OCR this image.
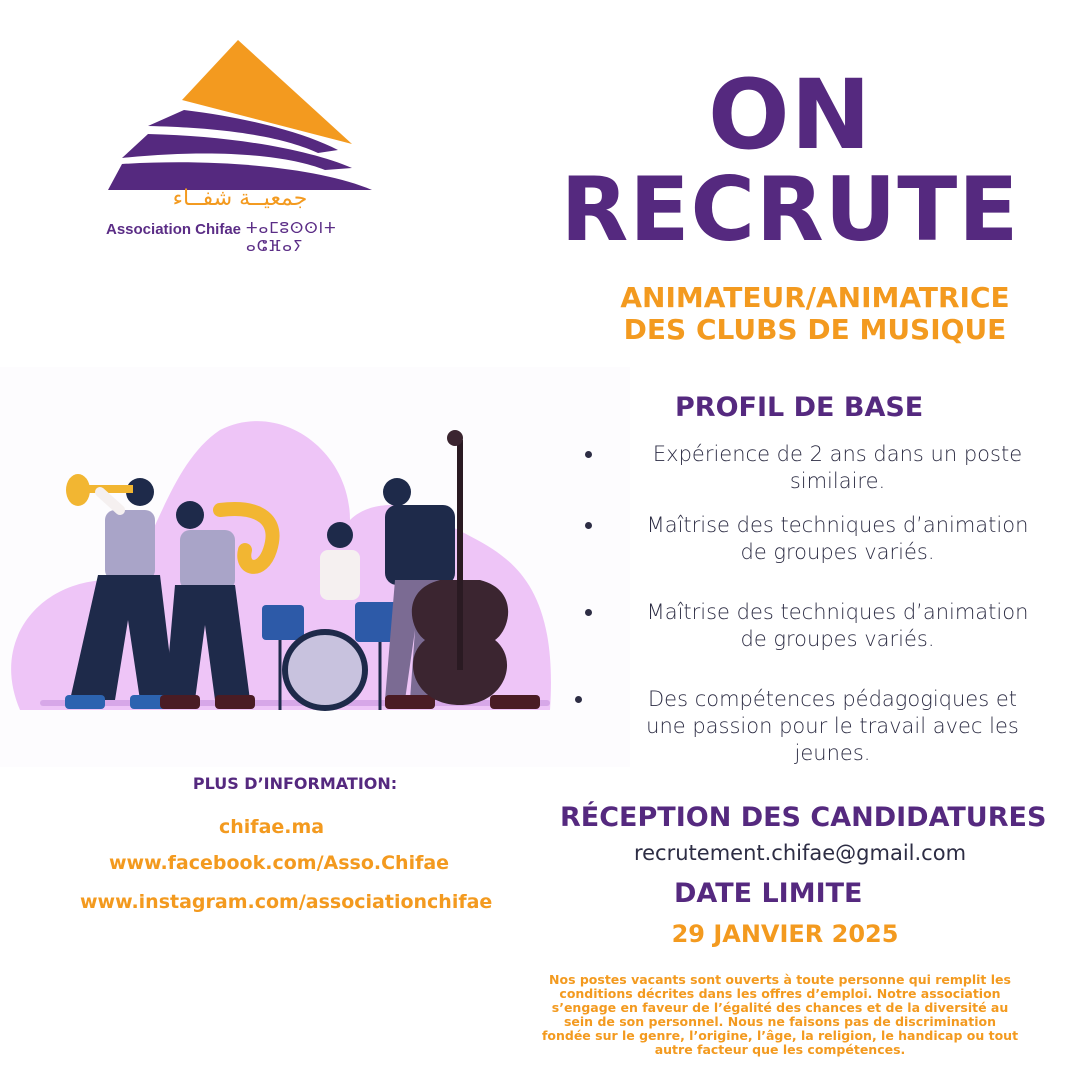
جمعيــة شفــاء
Association Chifae ⵜⴰⵎⵓⵙⵙⵏⵜ ⴰⵛⴼⴰⵢ
ON
RECRUTE
ANIMATEUR/ANIMATRICE
DES CLUBS DE MUSIQUE
PROFIL DE BASE
Expérience de 2 ans dans un poste
similaire.
Maîtrise des techniques d’animation
de groupes variés.
Maîtrise des techniques d’animation
de groupes variés.
Des compétences pédagogiques et
une passion pour le travail avec les
jeunes.
RÉCEPTION DES CANDIDATURES
recrutement.chifae@gmail.com
DATE LIMITE
29 JANVIER 2025
Nos postes vacants sont ouverts à toute personne qui remplit les
conditions décrites dans les offres d’emploi. Notre association
s’engage en faveur de l’égalité des chances et de la diversité au
sein de son personnel. Nous ne faisons pas de discrimination
fondée sur le genre, l’origine, l’âge, la religion, le handicap ou tout
autre facteur que les compétences.
PLUS D’INFORMATION:
chifae.ma
www.facebook.com/Asso.Chifae
www.instagram.com/associationchifae
